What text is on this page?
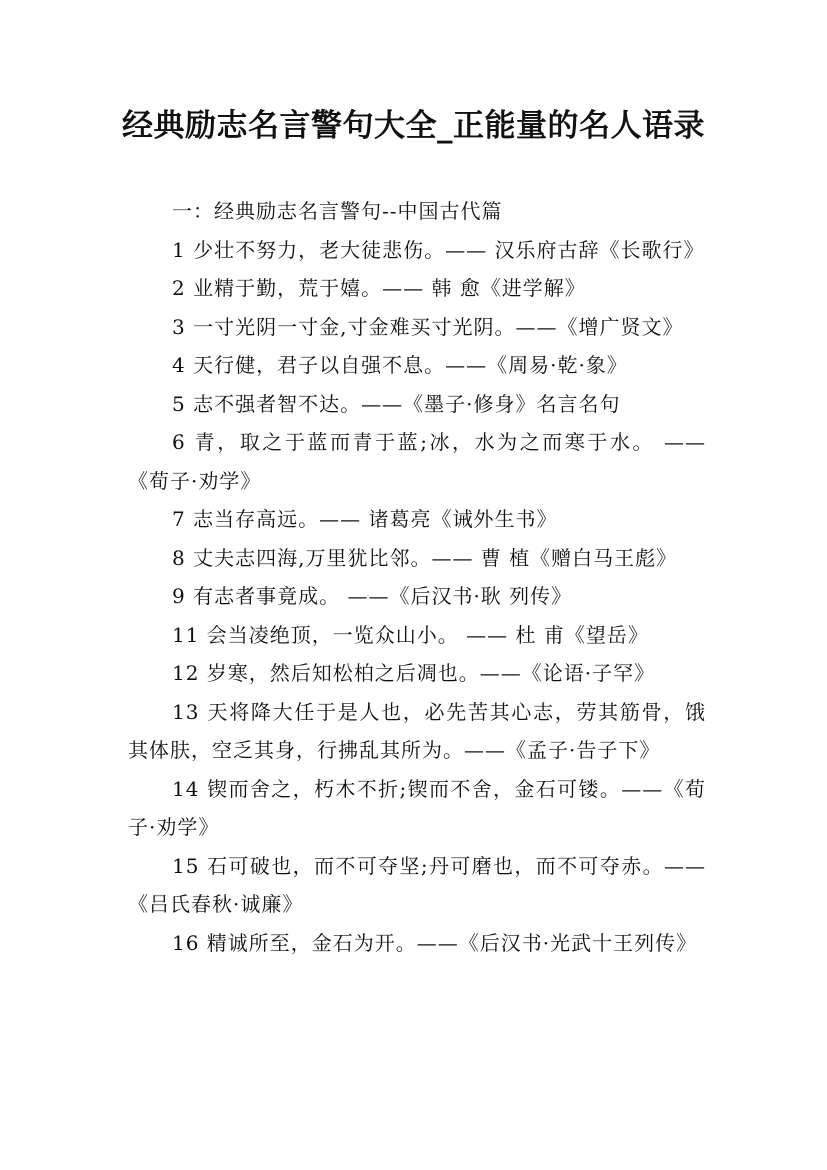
经典励志名言警句大全_正能量的名人语录

一：经典励志名言警句--中国古代篇

1 少壮不努力，老大徒悲伤。—— 汉乐府古辞《长歌行》

2 业精于勤，荒于嬉。—— 韩 愈《进学解》

3 一寸光阴一寸金,寸金难买寸光阴。——《增广贤文》

4 天行健，君子以自强不息。——《周易·乾·象》

5 志不强者智不达。——《墨子·修身》名言名句

6 青，取之于蓝而青于蓝;冰，水为之而寒于水。 ——《荀子·劝学》

7 志当存高远。—— 诸葛亮《诫外生书》

8 丈夫志四海,万里犹比邻。—— 曹 植《赠白马王彪》

9 有志者事竟成。 ——《后汉书·耿 列传》

11 会当凌绝顶，一览众山小。 —— 杜 甫《望岳》

12 岁寒，然后知松柏之后凋也。——《论语·子罕》

13 天将降大任于是人也，必先苦其心志，劳其筋骨，饿其体肤，空乏其身，行拂乱其所为。——《孟子·告子下》

14 锲而舍之，朽木不折;锲而不舍，金石可镂。——《荀子·劝学》

15 石可破也，而不可夺坚;丹可磨也，而不可夺赤。——《吕氏春秋·诚廉》

16 精诚所至，金石为开。——《后汉书·光武十王列传》
